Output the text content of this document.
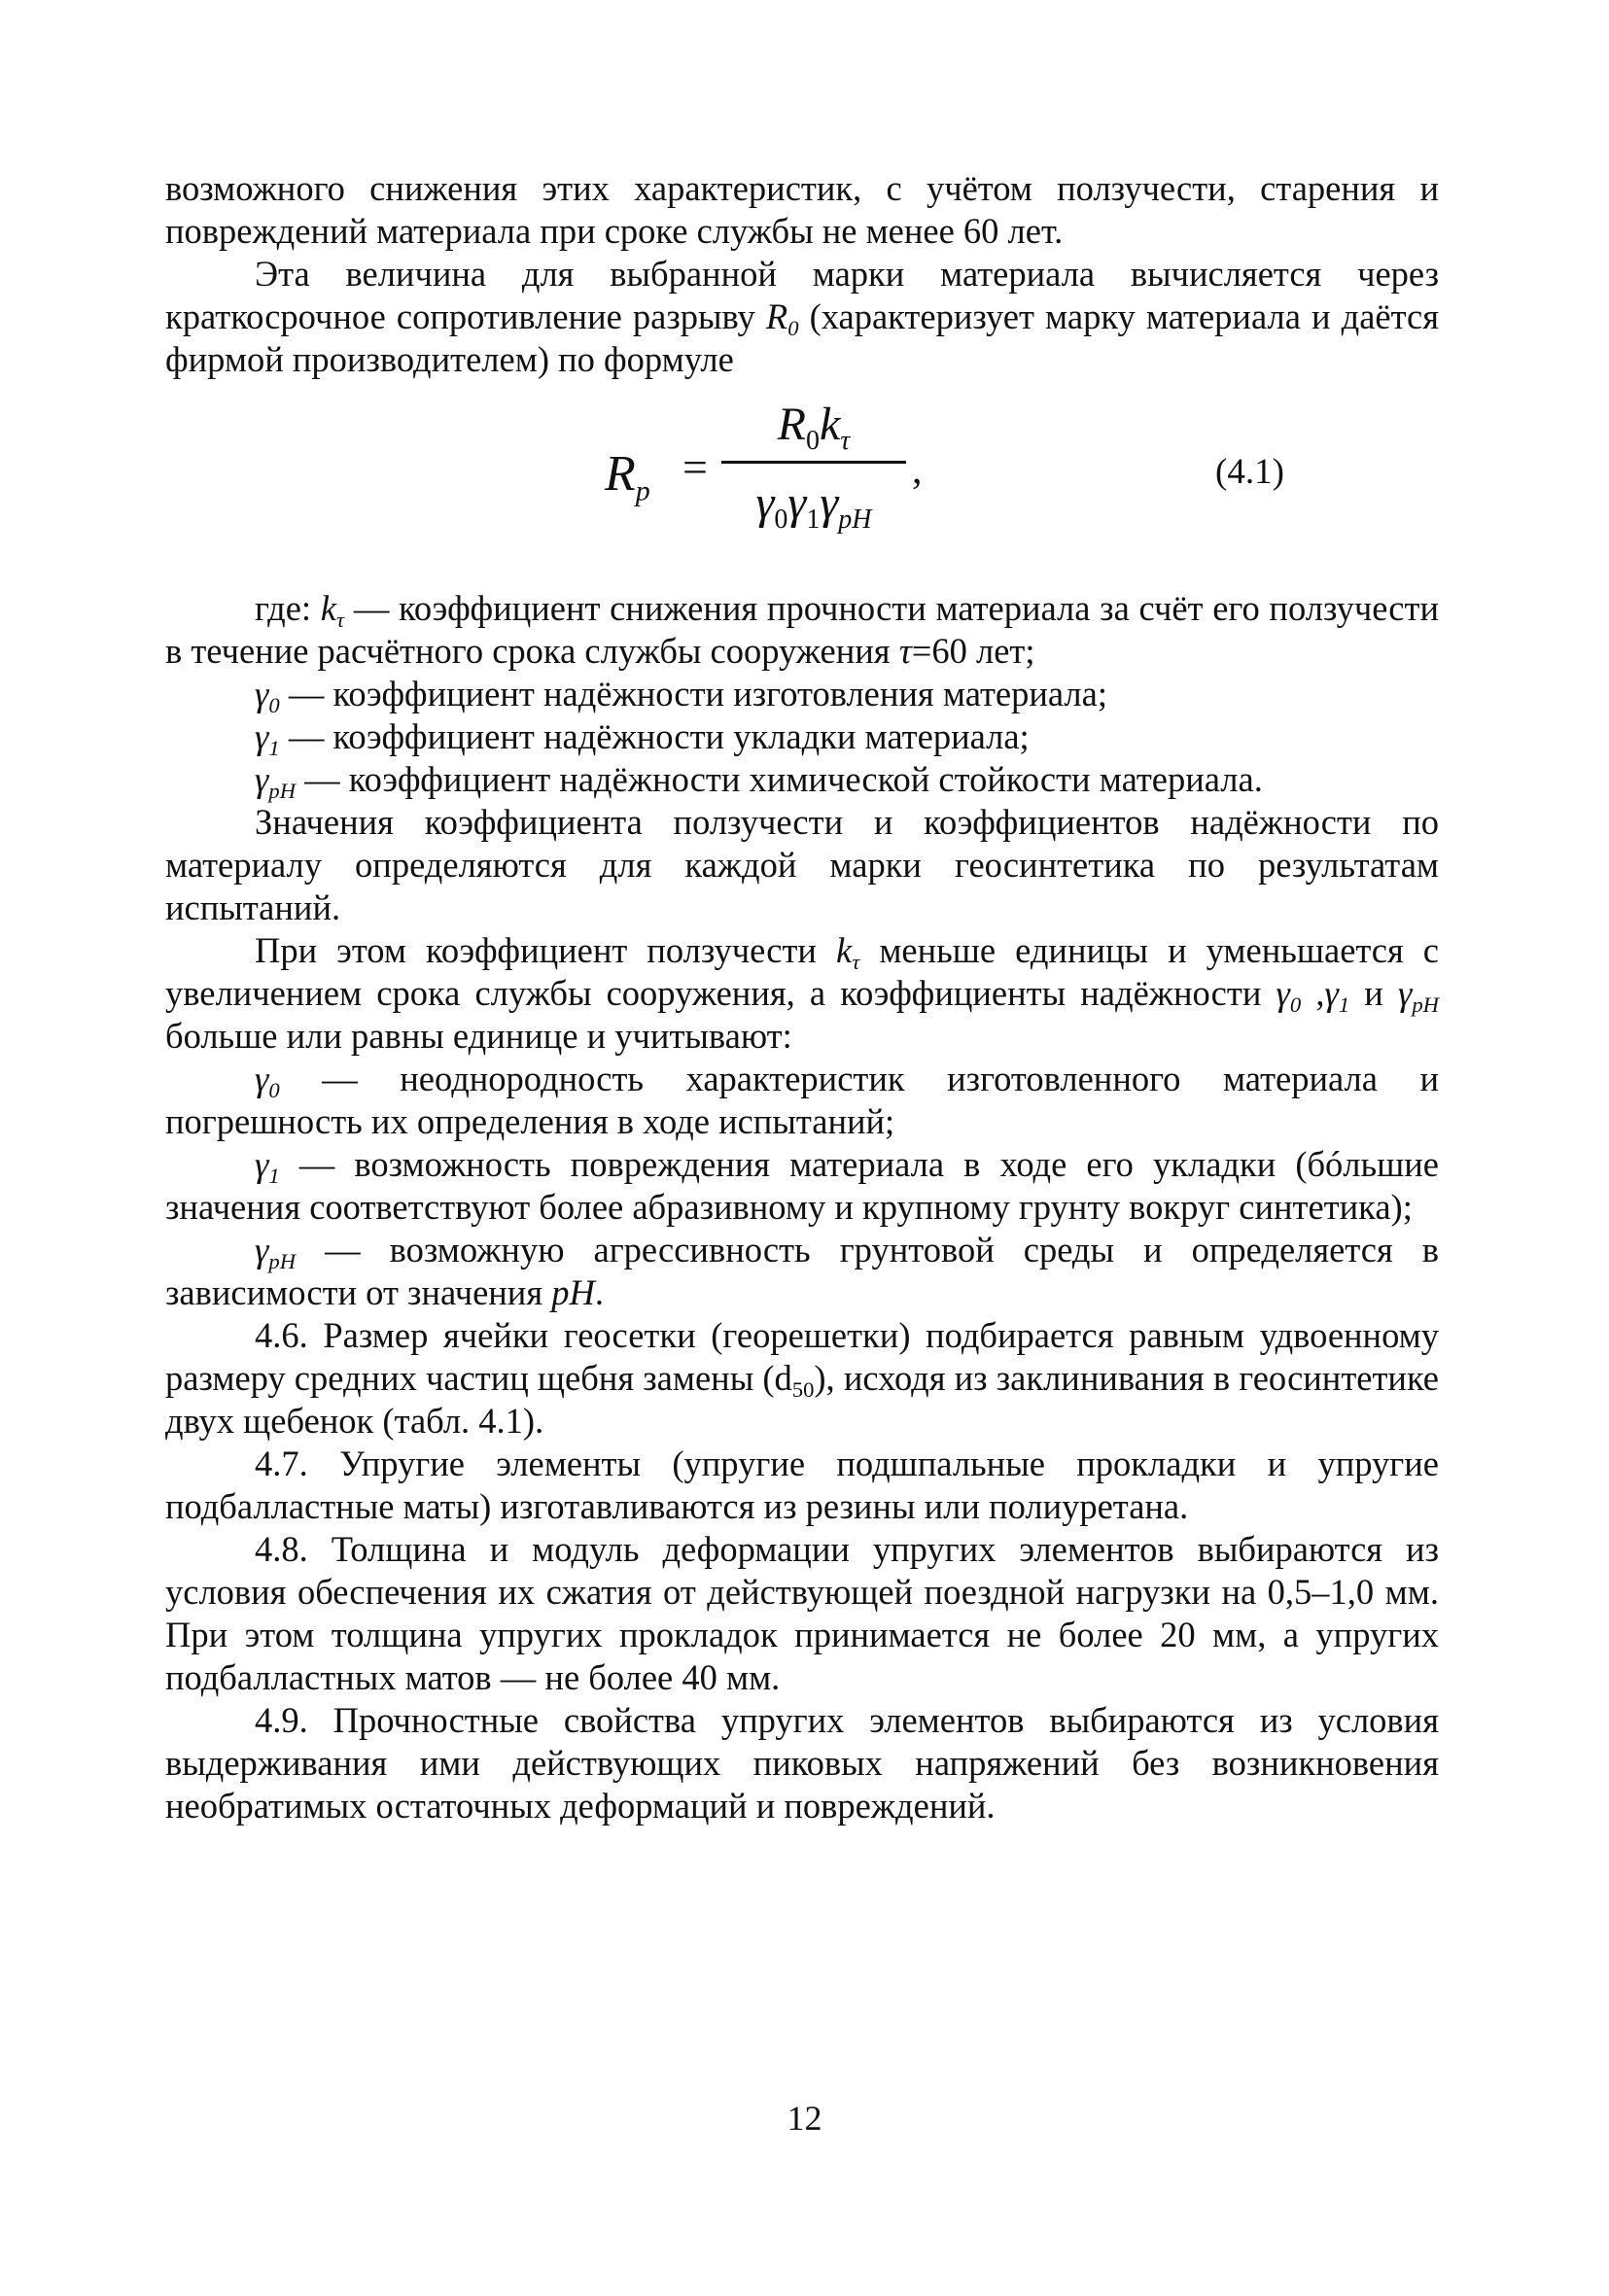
возможного снижения этих характеристик, с учётом ползучести, старения и повреждений материала при сроке службы не менее 60 лет.

Эта величина для выбранной марки материала вычисляется через краткосрочное сопротивление разрыву $R_0$ (характеризует марку материала и даётся фирмой производителем) по формуле

$R_p$ =
$R_0k_\tau$
$\gamma_0\gamma_1\gamma_{pH}$
,	(4.1)

где: $k_\tau$ — коэффициент снижения прочности материала за счёт его ползучести в течение расчётного срока службы сооружения τ=60 лет;

$\gamma_0$ — коэффициент надёжности изготовления материала;

$\gamma_1$ — коэффициент надёжности укладки материала;

$\gamma_{pH}$ — коэффициент надёжности химической стойкости материала.

Значения коэффициента ползучести и коэффициентов надёжности по материалу определяются для каждой марки геосинтетика по результатам испытаний.

При этом коэффициент ползучести $k_\tau$ меньше единицы и уменьшается с увеличением срока службы сооружения, а коэффициенты надёжности $\gamma_0$ $,\gamma_1$ и $\gamma_{pH}$ больше или равны единице и учитывают:

$\gamma_0$ — неоднородность характеристик изготовленного материала и погрешность их определения в ходе испытаний;

$\gamma_1$ — возможность повреждения материала в ходе его укладки (бóльшие значения соответствуют более абразивному и крупному грунту вокруг синтетика);

$\gamma_{pH}$ — возможную агрессивность грунтовой среды и определяется в зависимости от значения pH.

4.6. Размер ячейки геосетки (георешетки) подбирается равным удвоенному размеру средних частиц щебня замены $(d_{50})$, исходя из заклинивания в геосинтетике двух щебенок (табл. 4.1).

4.7. Упругие элементы (упругие подшпальные прокладки и упругие подбалластные маты) изготавливаются из резины или полиуретана.

4.8. Толщина и модуль деформации упругих элементов выбираются из условия обеспечения их сжатия от действующей поездной нагрузки на 0,5–1,0 мм. При этом толщина упругих прокладок принимается не более 20 мм, а упругих подбалластных матов — не более 40 мм.

4.9. Прочностные свойства упругих элементов выбираются из условия выдерживания ими действующих пиковых напряжений без возникновения необратимых остаточных деформаций и повреждений.

12
